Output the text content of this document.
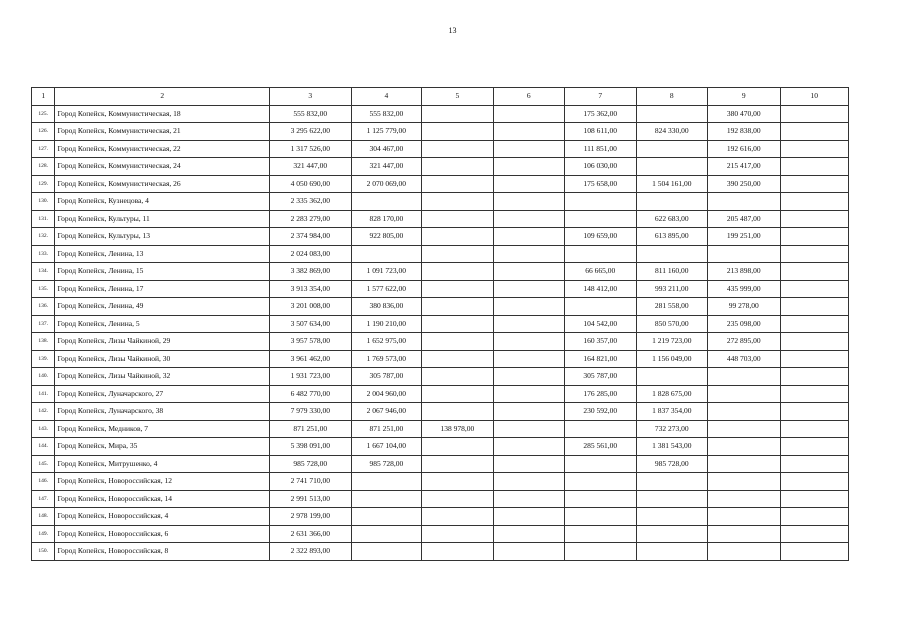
13
1	2	3	4	5	6	7	8	9	10
125.	Город Копейск, Коммунистическая, 18	555 832,00	555 832,00			175 362,00		380 470,00	
126.	Город Копейск, Коммунистическая, 21	3 295 622,00	1 125 779,00			108 611,00	824 330,00	192 838,00	
127.	Город Копейск, Коммунистическая, 22	1 317 526,00	304 467,00			111 851,00		192 616,00	
128.	Город Копейск, Коммунистическая, 24	321 447,00	321 447,00			106 030,00		215 417,00	
129.	Город Копейск, Коммунистическая, 26	4 050 690,00	2 070 069,00			175 658,00	1 504 161,00	390 250,00	
130.	Город Копейск, Кузнецова, 4	2 335 362,00							
131.	Город Копейск, Культуры, 11	2 283 279,00	828 170,00				622 683,00	205 487,00	
132.	Город Копейск, Культуры, 13	2 374 984,00	922 805,00			109 659,00	613 895,00	199 251,00	
133.	Город Копейск, Ленина, 13	2 024 083,00							
134.	Город Копейск, Ленина, 15	3 382 869,00	1 091 723,00			66 665,00	811 160,00	213 898,00	
135.	Город Копейск, Ленина, 17	3 913 354,00	1 577 622,00			148 412,00	993 211,00	435 999,00	
136.	Город Копейск, Ленина, 49	3 201 008,00	380 836,00				281 558,00	99 278,00	
137.	Город Копейск, Ленина, 5	3 507 634,00	1 190 210,00			104 542,00	850 570,00	235 098,00	
138.	Город Копейск, Лизы Чайкиной, 29	3 957 578,00	1 652 975,00			160 357,00	1 219 723,00	272 895,00	
139.	Город Копейск, Лизы Чайкиной, 30	3 961 462,00	1 769 573,00			164 821,00	1 156 049,00	448 703,00	
140.	Город Копейск, Лизы Чайкиной, 32	1 931 723,00	305 787,00			305 787,00			
141.	Город Копейск, Луначарского, 27	6 482 770,00	2 004 960,00			176 285,00	1 828 675,00		
142.	Город Копейск, Луначарского, 38	7 979 330,00	2 067 946,00			230 592,00	1 837 354,00		
143.	Город Копейск, Медников, 7	871 251,00	871 251,00	138 978,00			732 273,00		
144.	Город Копейск, Мира, 35	5 398 091,00	1 667 104,00			285 561,00	1 381 543,00		
145.	Город Копейск, Митрушенко, 4	985 728,00	985 728,00				985 728,00		
146.	Город Копейск, Новороссийская, 12	2 741 710,00							
147.	Город Копейск, Новороссийская, 14	2 991 513,00							
148.	Город Копейск, Новороссийская, 4	2 978 199,00							
149.	Город Копейск, Новороссийская, 6	2 631 366,00							
150.	Город Копейск, Новороссийская, 8	2 322 893,00							
